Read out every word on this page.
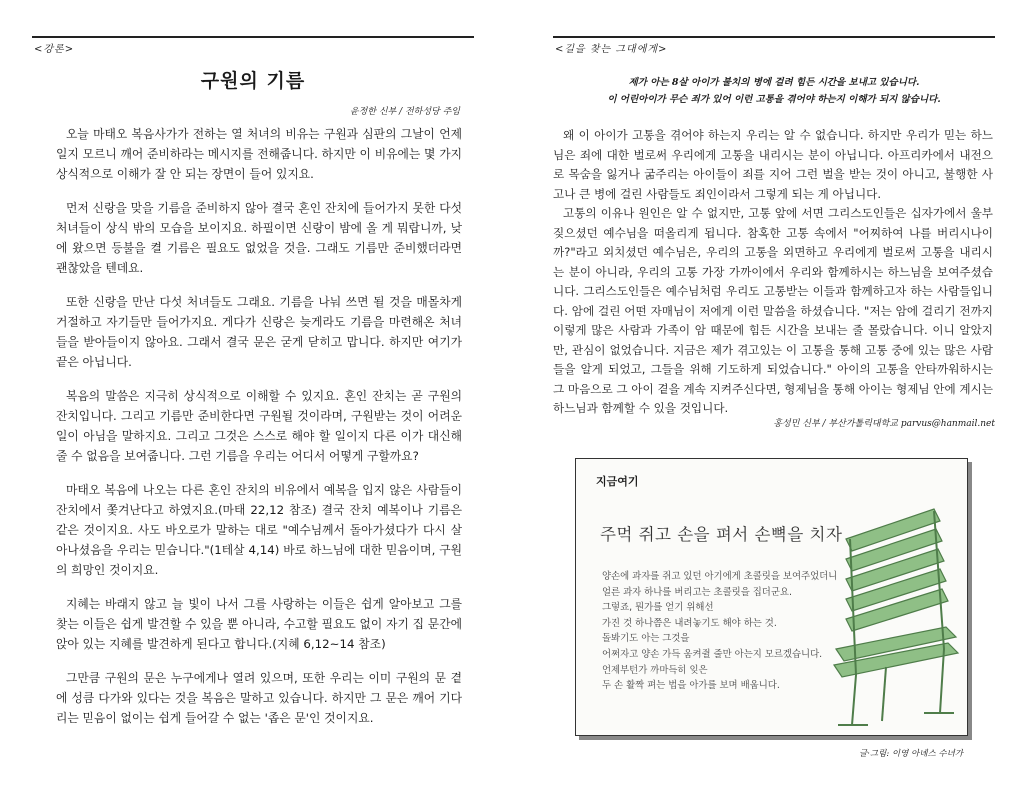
<강론>
구원의 기름
윤정한 신부 / 전하성당 주임

오늘 마태오 복음사가가 전하는 열 처녀의 비유는 구원과 심판의 그날이 언제일지 모르니 깨어 준비하라는 메시지를 전해줍니다. 하지만 이 비유에는 몇 가지 상식적으로 이해가 잘 안 되는 장면이 들어 있지요.

먼저 신랑을 맞을 기름을 준비하지 않아 결국 혼인 잔치에 들어가지 못한 다섯 처녀들이 상식 밖의 모습을 보이지요. 하필이면 신랑이 밤에 올 게 뭐랍니까, 낮에 왔으면 등불을 켤 기름은 필요도 없었을 것을. 그래도 기름만 준비했더라면 괜찮았을 텐데요.

또한 신랑을 만난 다섯 처녀들도 그래요. 기름을 나눠 쓰면 될 것을 매몰차게 거절하고 자기들만 들어가지요. 게다가 신랑은 늦게라도 기름을 마련해온 처녀들을 받아들이지 않아요. 그래서 결국 문은 굳게 닫히고 맙니다. 하지만 여기가 끝은 아닙니다.

복음의 말씀은 지극히 상식적으로 이해할 수 있지요. 혼인 잔치는 곧 구원의 잔치입니다. 그리고 기름만 준비한다면 구원될 것이라며, 구원받는 것이 어려운 일이 아님을 말하지요. 그리고 그것은 스스로 해야 할 일이지 다른 이가 대신해줄 수 없음을 보여줍니다. 그런 기름을 우리는 어디서 어떻게 구할까요?

마태오 복음에 나오는 다른 혼인 잔치의 비유에서 예복을 입지 않은 사람들이 잔치에서 쫓겨난다고 하였지요.(마태 22,12 참조) 결국 잔치 예복이나 기름은 같은 것이지요. 사도 바오로가 말하는 대로 "예수님께서 돌아가셨다가 다시 살아나셨음을 우리는 믿습니다."(1테살 4,14) 바로 하느님에 대한 믿음이며, 구원의 희망인 것이지요.

지혜는 바래지 않고 늘 빛이 나서 그를 사랑하는 이들은 쉽게 알아보고 그를 찾는 이들은 쉽게 발견할 수 있을 뿐 아니라, 수고할 필요도 없이 자기 집 문간에 앉아 있는 지혜를 발견하게 된다고 합니다.(지혜 6,12~14 참조)

그만큼 구원의 문은 누구에게나 열려 있으며, 또한 우리는 이미 구원의 문 곁에 성큼 다가와 있다는 것을 복음은 말하고 있습니다. 하지만 그 문은 깨어 기다리는 믿음이 없이는 쉽게 들어갈 수 없는 '좁은 문'인 것이지요.

<길을 찾는 그대에게>
제가 아는 8살 아이가 불치의 병에 걸려 힘든 시간을 보내고 있습니다.
이 어린아이가 무슨 죄가 있어 이런 고통을 겪어야 하는지 이해가 되지 않습니다.

왜 이 아이가 고통을 겪어야 하는지 우리는 알 수 없습니다. 하지만 우리가 믿는 하느님은 죄에 대한 벌로써 우리에게 고통을 내리시는 분이 아닙니다. 아프리카에서 내전으로 목숨을 잃거나 굶주리는 아이들이 죄를 지어 그런 벌을 받는 것이 아니고, 불행한 사고나 큰 병에 걸린 사람들도 죄인이라서 그렇게 되는 게 아닙니다.

고통의 이유나 원인은 알 수 없지만, 고통 앞에 서면 그리스도인들은 십자가에서 울부짖으셨던 예수님을 떠올리게 됩니다. 참혹한 고통 속에서 "어찌하여 나를 버리시나이까?"라고 외치셨던 예수님은, 우리의 고통을 외면하고 우리에게 벌로써 고통을 내리시는 분이 아니라, 우리의 고통 가장 가까이에서 우리와 함께하시는 하느님을 보여주셨습니다. 그리스도인들은 예수님처럼 우리도 고통받는 이들과 함께하고자 하는 사람들입니다. 암에 걸린 어떤 자매님이 저에게 이런 말씀을 하셨습니다. "저는 암에 걸리기 전까지 이렇게 많은 사람과 가족이 암 때문에 힘든 시간을 보내는 줄 몰랐습니다. 이니 알았지만, 관심이 없었습니다. 지금은 제가 겪고있는 이 고통을 통해 고통 중에 있는 많은 사람들을 알게 되었고, 그들을 위해 기도하게 되었습니다." 아이의 고통을 안타까워하시는 그 마음으로 그 아이 곁을 계속 지켜주신다면, 형제님을 통해 아이는 형제님 안에 계시는 하느님과 함께할 수 있을 것입니다.

홍성민 신부 / 부산가톨릭대학교 parvus@hanmail.net
지금여기
주먹 쥐고 손을 펴서 손뼉을 치자
양손에 과자를 쥐고 있던 아기에게 초콜릿을 보여주었더니
얼른 과자 하나를 버리고는 초콜릿을 집더군요.
그렇죠, 뭔가를 얻기 위해선
가진 것 하나쯤은 내려놓기도 해야 하는 것.
돌봐기도 아는 그것을
어쩌자고 양손 가득 움켜쥘 줄만 아는지 모르겠습니다.
언제부턴가 까마득히 잊은
두 손 활짝 펴는 법을 아가를 보며 배웁니다.
글·그림: 이영 아녜스 수녀가
